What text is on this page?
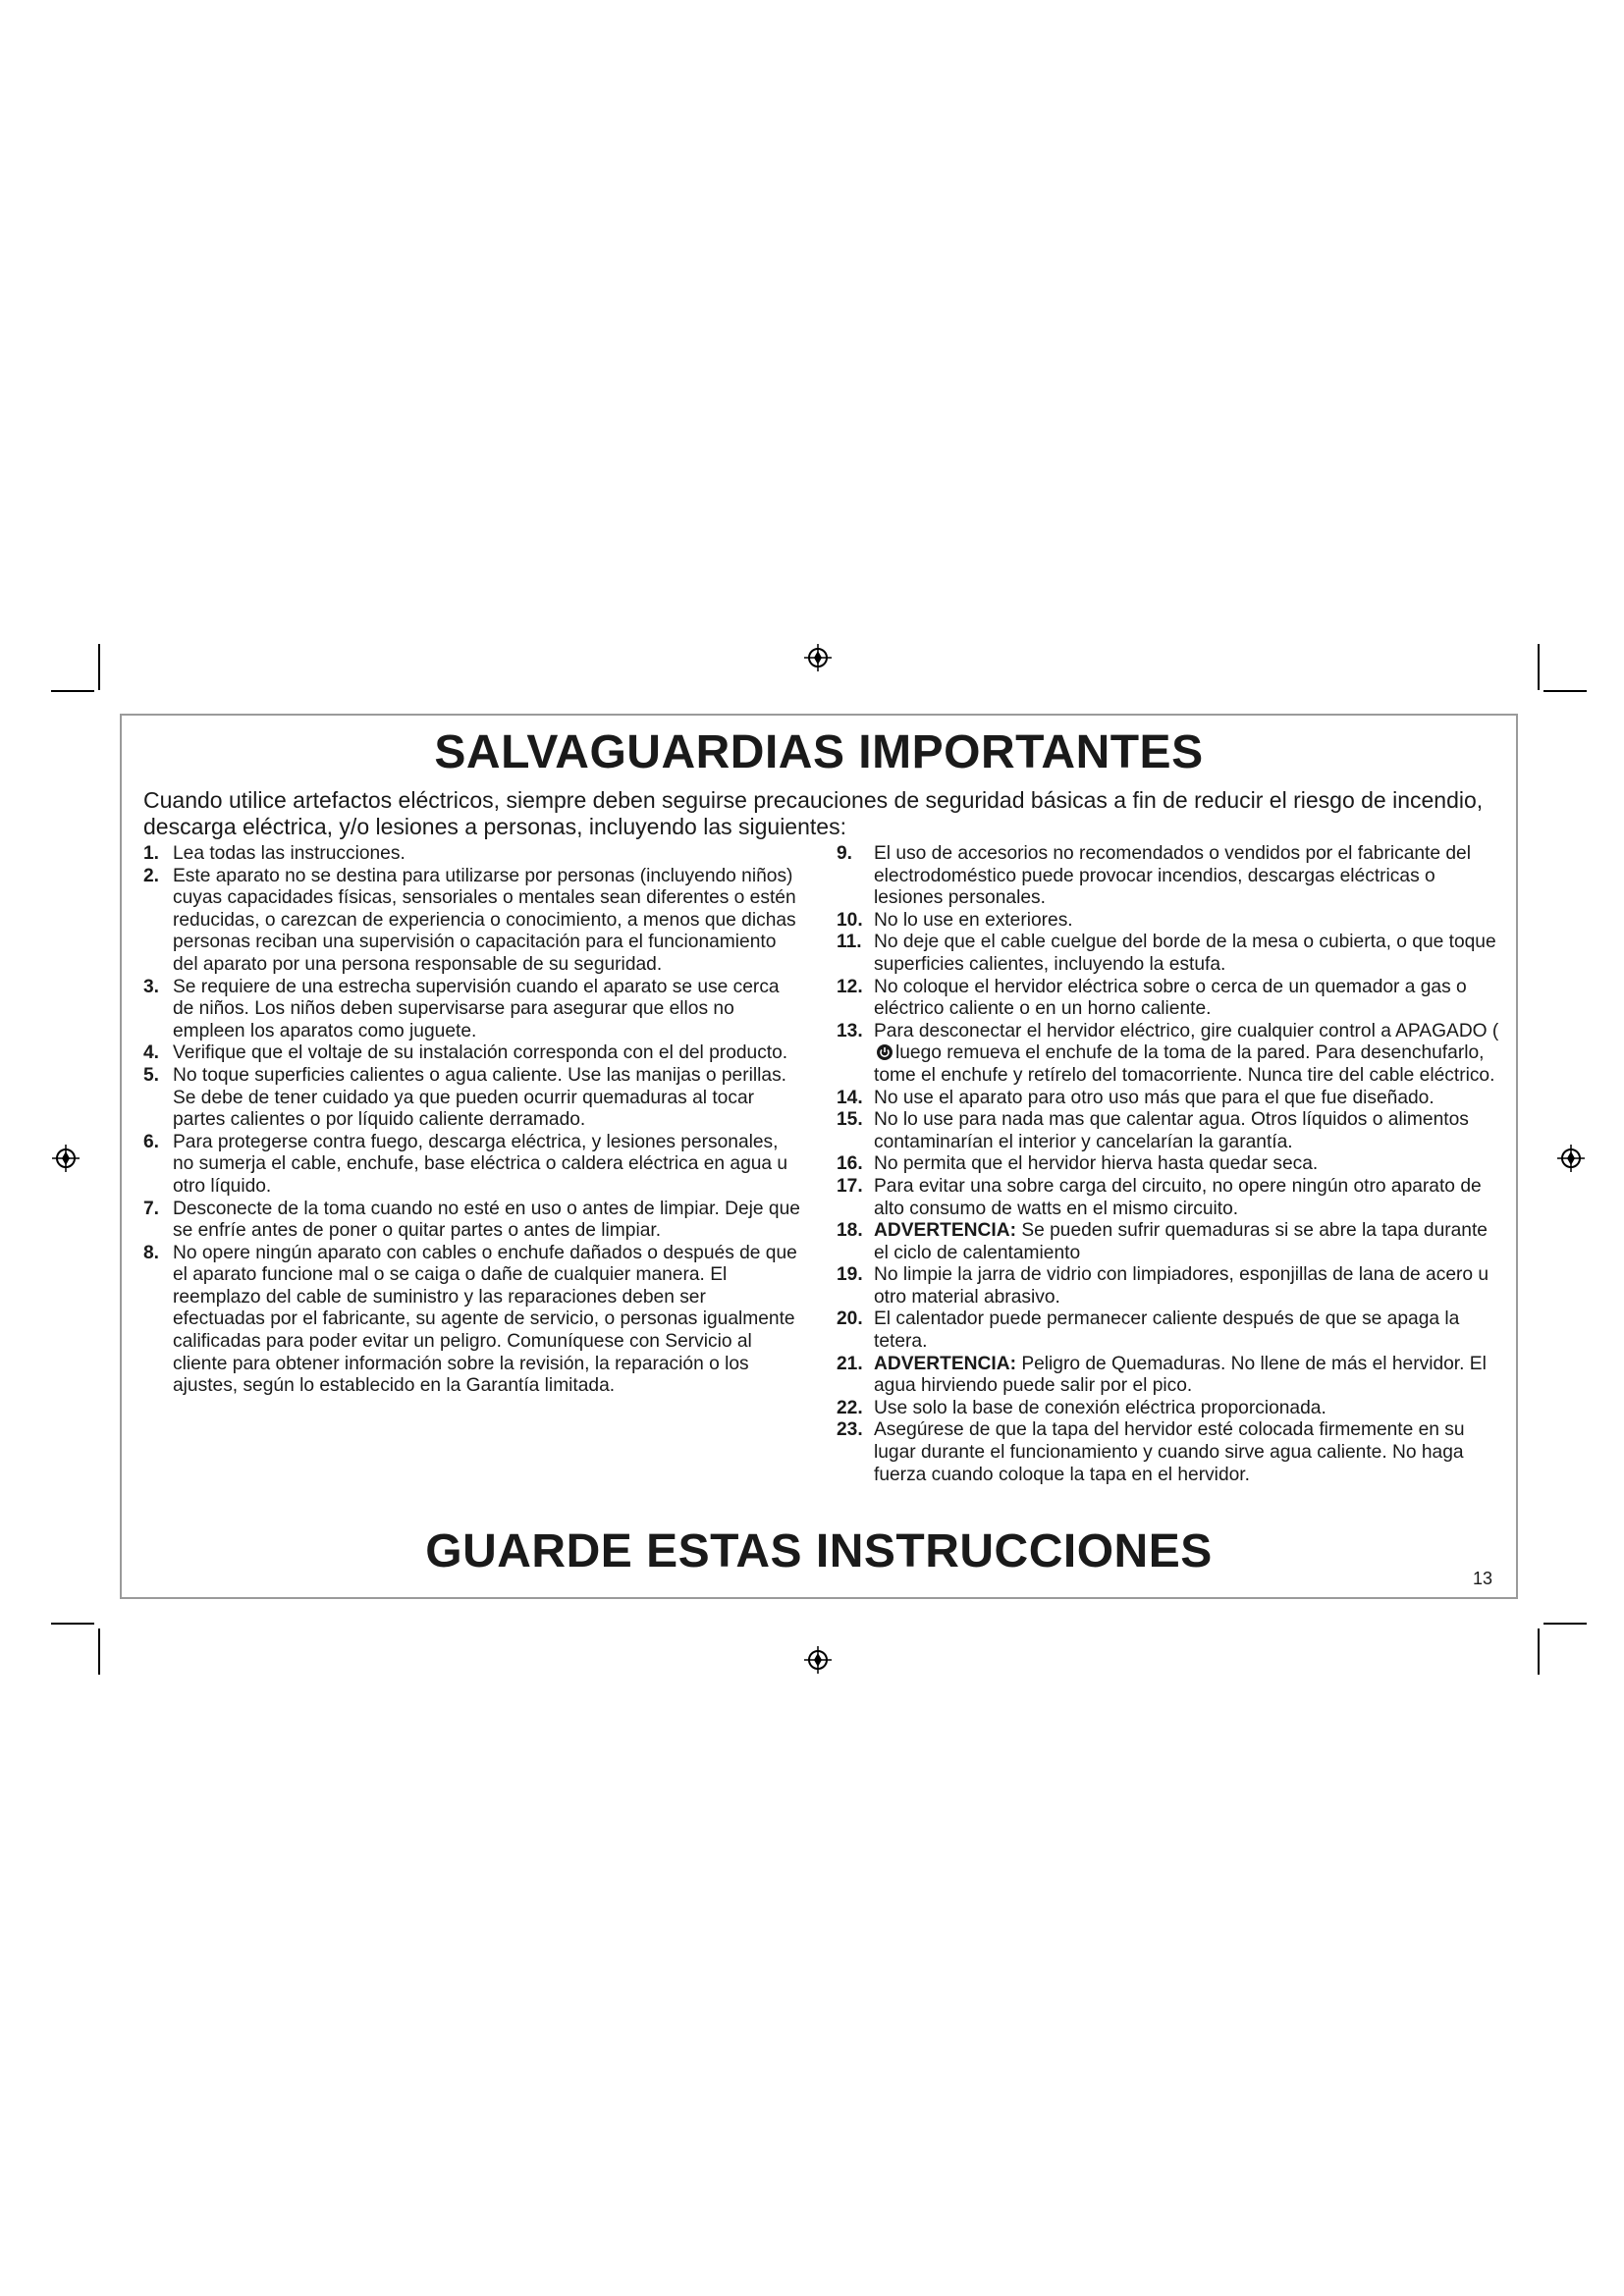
SALVAGUARDIAS IMPORTANTES

Cuando utilice artefactos eléctricos, siempre deben seguirse precauciones de seguridad básicas a fin de reducir el riesgo de incendio, descarga eléctrica, y/o lesiones a personas, incluyendo las siguientes:

1. Lea todas las instrucciones.
2. Este aparato no se destina para utilizarse por personas (incluyendo niños) cuyas capacidades físicas, sensoriales o mentales sean diferentes o estén reducidas, o carezcan de experiencia o conocimiento, a menos que dichas personas reciban una supervisión o capacitación para el funcionamiento del aparato por una persona responsable de su seguridad.
3. Se requiere de una estrecha supervisión cuando el aparato se use cerca de niños. Los niños deben supervisarse para asegurar que ellos no empleen los aparatos como juguete.
4. Verifique que el voltaje de su instalación corresponda con el del producto.
5. No toque superficies calientes o agua caliente. Use las manijas o perillas. Se debe de tener cuidado ya que pueden ocurrir quemaduras al tocar partes calientes o por líquido caliente derramado.
6. Para protegerse contra fuego, descarga eléctrica, y lesiones personales, no sumerja el cable, enchufe, base eléctrica o caldera eléctrica en agua u otro líquido.
7. Desconecte de la toma cuando no esté en uso o antes de limpiar. Deje que se enfríe antes de poner o quitar partes o antes de limpiar.
8. No opere ningún aparato con cables o enchufe dañados o después de que el aparato funcione mal o se caiga o dañe de cualquier manera. El reemplazo del cable de suministro y las reparaciones deben ser efectuadas por el fabricante, su agente de servicio, o personas igualmente calificadas para poder evitar un peligro. Comuníquese con Servicio al cliente para obtener información sobre la revisión, la reparación o los ajustes, según lo establecido en la Garantía limitada.
9.	El uso de accesorios no recomendados o vendidos por el fabricante del electrodoméstico puede provocar incendios, descargas eléctricas o lesiones personales.
10. No lo use en exteriores.
11. No deje que el cable cuelgue del borde de la mesa o cubierta, o que toque superficies calientes, incluyendo la estufa.
12. No coloque el hervidor eléctrica sobre o cerca de un quemador a gas o eléctrico caliente o en un horno caliente.
13. Para desconectar el hervidor eléctrico, gire cualquier control a APAGADO (luego remueva el enchufe de la toma de la pared. Para desenchufarlo, tome el enchufe y retírelo del tomacorriente. Nunca tire del cable eléctrico.
14. No use el aparato para otro uso más que para el que fue diseñado.
15. No lo use para nada mas que calentar agua. Otros líquidos o alimentos contaminarían el interior y cancelarían la garantía.
16. No permita que el hervidor hierva hasta quedar seca.
17. Para evitar una sobre carga del circuito, no opere ningún otro aparato de alto consumo de watts en el mismo circuito.
18. ADVERTENCIA: Se pueden sufrir quemaduras si se abre la tapa durante el ciclo de calentamiento
19. No limpie la jarra de vidrio con limpiadores, esponjillas de lana de acero u otro material abrasivo.
20. El calentador puede permanecer caliente después de que se apaga la tetera.
21. ADVERTENCIA: Peligro de Quemaduras. No llene de más el hervidor. El agua hirviendo puede salir por el pico.
22. Use solo la base de conexión eléctrica proporcionada.
23. Asegúrese de que la tapa del hervidor esté colocada firmemente en su lugar durante el funcionamiento y cuando sirve agua caliente. No haga fuerza cuando coloque la tapa en el hervidor.
GUARDE ESTAS INSTRUCCIONES
13
